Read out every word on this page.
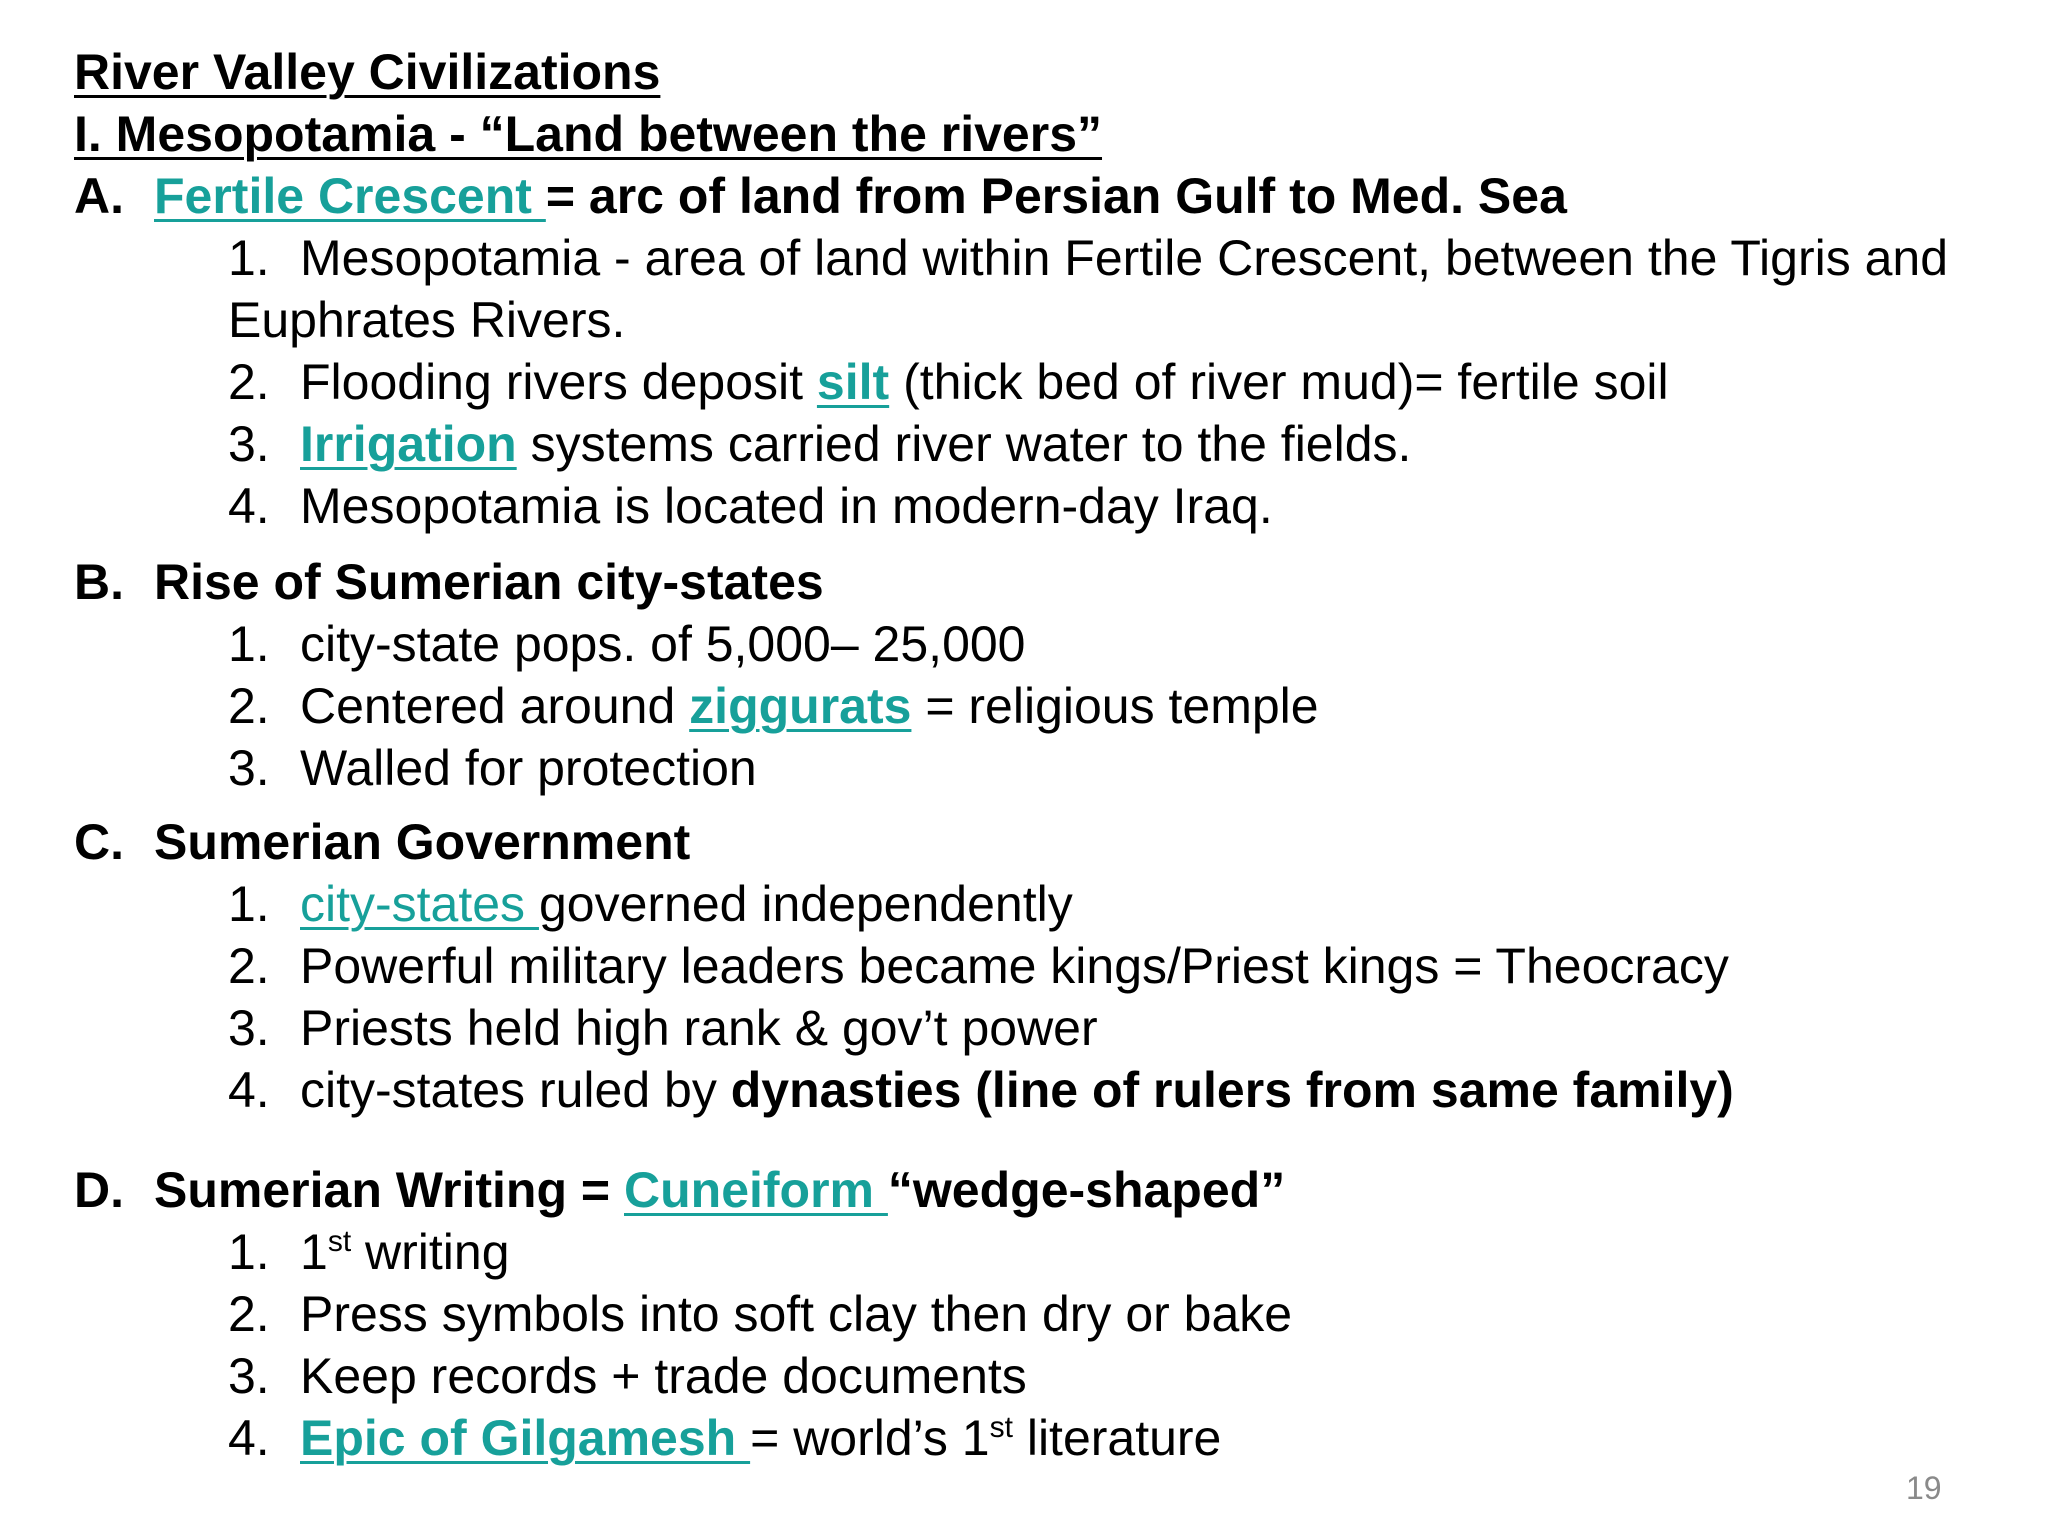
River Valley Civilizations
I. Mesopotamia - “Land between the rivers”
A. Fertile Crescent = arc of land from Persian Gulf to Med. Sea
1. Mesopotamia - area of land within Fertile Crescent, between the Tigris and
Euphrates Rivers.
2. Flooding rivers deposit silt (thick bed of river mud)= fertile soil
3. Irrigation systems carried river water to the fields.
4. Mesopotamia is located in modern-day Iraq.
B. Rise of Sumerian city-states
1. city-state pops. of 5,000– 25,000
2. Centered around ziggurats = religious temple
3. Walled for protection
C. Sumerian Government
1. city-states governed independently
2. Powerful military leaders became kings/Priest kings = Theocracy
3. Priests held high rank & gov’t power
4. city-states ruled by dynasties (line of rulers from same family)
D. Sumerian Writing = Cuneiform “wedge-shaped”
1. 1st writing
2. Press symbols into soft clay then dry or bake
3. Keep records + trade documents
4. Epic of Gilgamesh = world’s 1st literature
19
